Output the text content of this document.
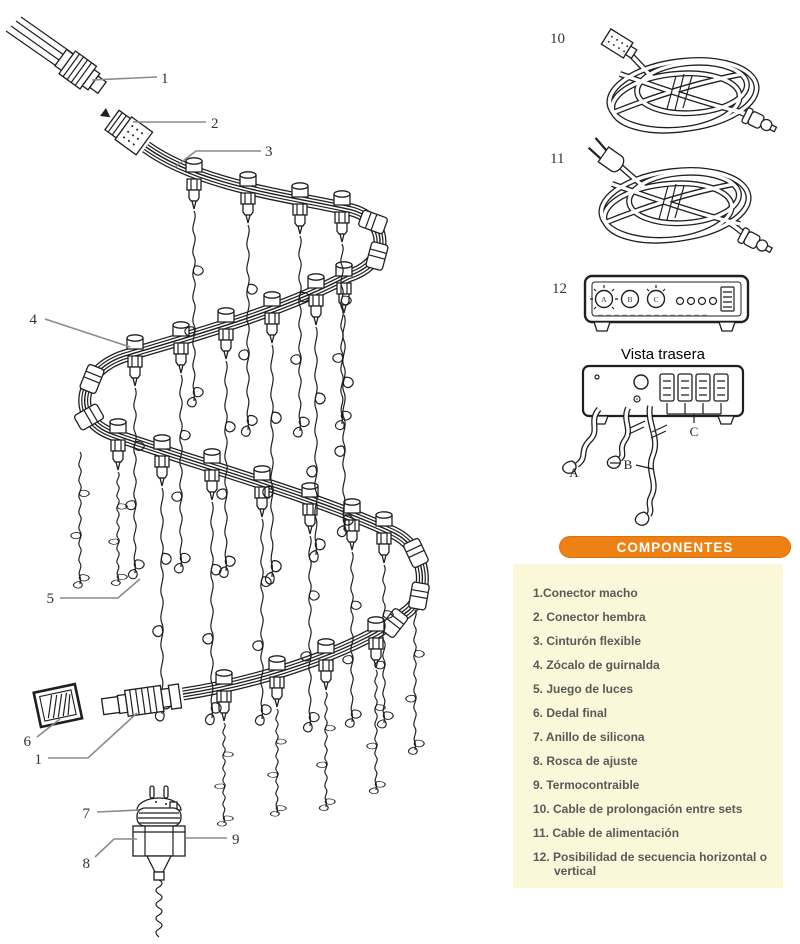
1
2
3
4
5
6
1
7
8
9
10
11
12
A	B	C
Vista trasera
C
A
B
COMPONENTES
1.Conector macho
2. Conector hembra
3. Cinturón flexible
4. Zócalo de guirnalda
5. Juego de luces
6. Dedal final
7. Anillo de silicona
8. Rosca de ajuste
9. Termocontraible
10. Cable de prolongación entre sets
11. Cable de alimentación
12. Posibilidad de secuencia horizontal o vertical
